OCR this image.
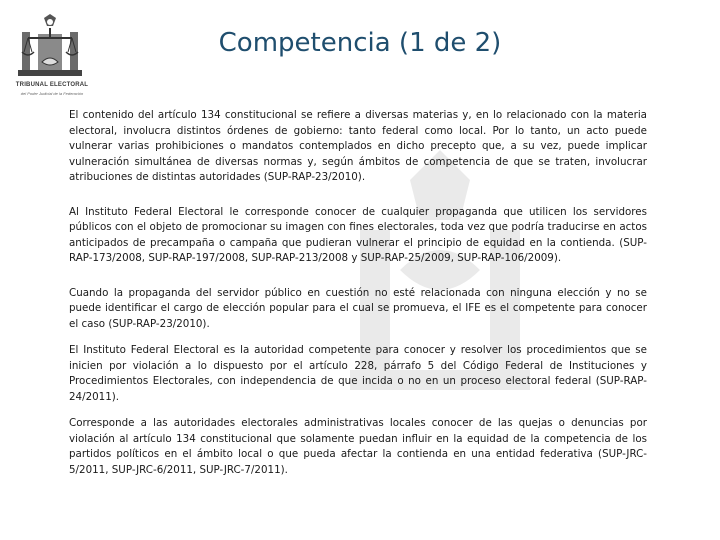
TRIBUNAL ELECTORAL
del Poder Judicial de la Federación
Competencia (1 de 2)

El contenido del artículo 134 constitucional se refiere a diversas materias y, en lo relacionado con la materia electoral, involucra distintos órdenes de gobierno: tanto federal como local. Por lo tanto, un acto puede vulnerar varias prohibiciones o mandatos contemplados en dicho precepto que, a su vez, puede implicar vulneración simultánea de diversas normas y, según ámbitos de competencia de que se traten, involucrar atribuciones de distintas autoridades (SUP-RAP-23/2010).

Al Instituto Federal Electoral le corresponde conocer de cualquier propaganda que utilicen los servidores públicos con el objeto de promocionar su imagen con fines electorales, toda vez que podría traducirse en actos anticipados de precampaña o campaña que pudieran vulnerar el principio de equidad en la contienda. (SUP-RAP-173/2008, SUP-RAP-197/2008, SUP-RAP-213/2008 y SUP-RAP-25/2009, SUP-RAP-106/2009).

Cuando la propaganda del servidor público en cuestión no esté relacionada con ninguna elección y no se puede identificar el cargo de elección popular para el cual se promueva, el IFE es el competente para conocer el caso (SUP-RAP-23/2010).

El Instituto Federal Electoral es la autoridad competente para conocer y resolver los procedimientos que se inicien por violación a lo dispuesto por el artículo 228, párrafo 5 del Código Federal de Instituciones y Procedimientos Electorales, con independencia de que incida o no en un proceso electoral federal (SUP-RAP-24/2011).

Corresponde a las autoridades electorales administrativas locales conocer de las quejas o denuncias por violación al artículo 134 constitucional que solamente puedan influir en la equidad de la competencia de los partidos políticos en el ámbito local o que pueda afectar la contienda en una entidad federativa (SUP-JRC-5/2011, SUP-JRC-6/2011, SUP-JRC-7/2011).
